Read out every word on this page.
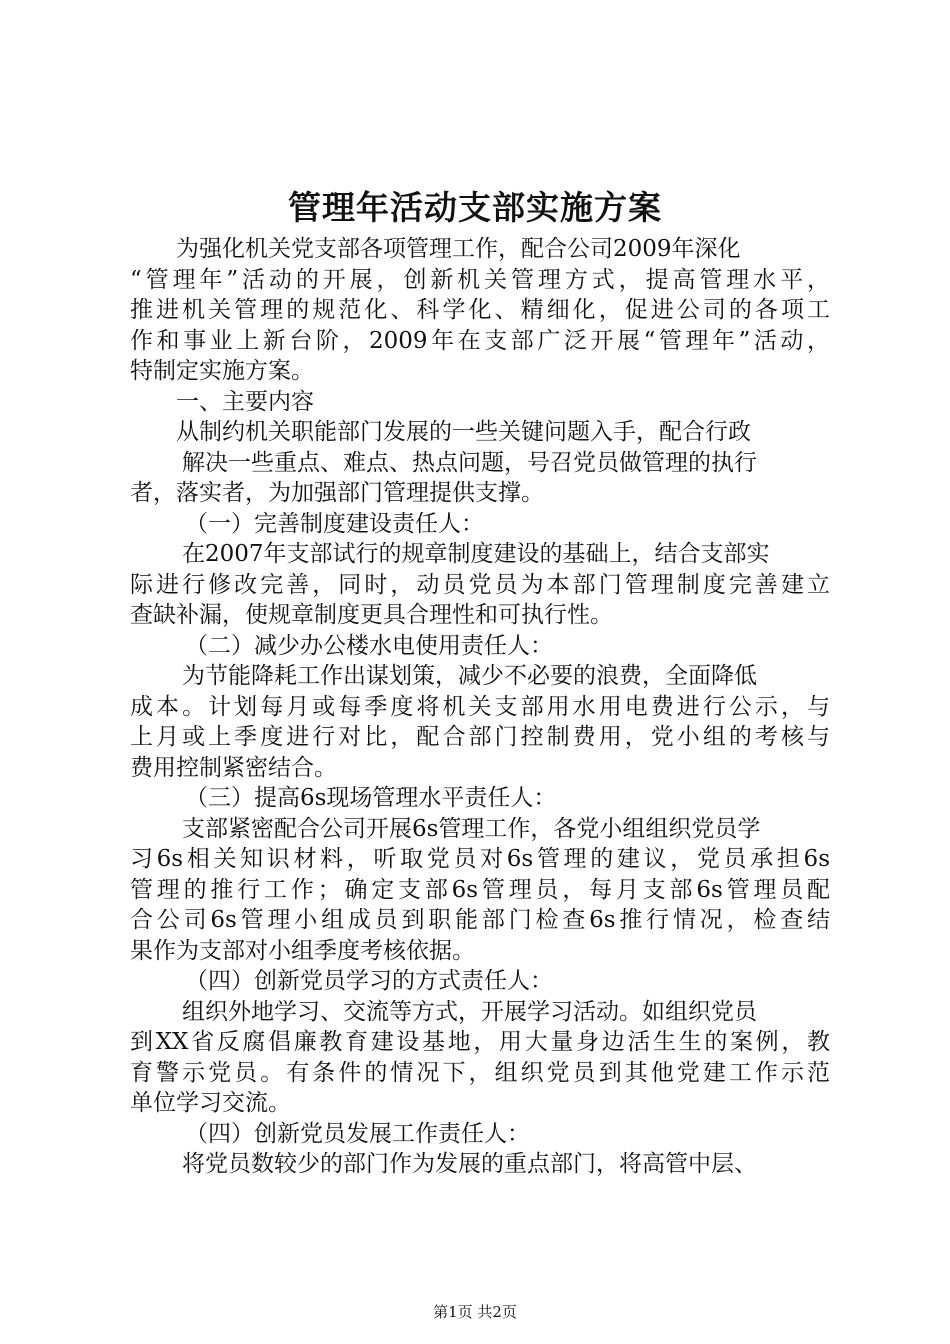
管理年活动支部实施方案
为强化机关党支部各项管理工作，配合公司2009年深化
“管理年”活动的开展，创新机关管理方式，提高管理水平，
推进机关管理的规范化、科学化、精细化，促进公司的各项工
作和事业上新台阶，2009年在支部广泛开展“管理年”活动，
特制定实施方案。
一、主要内容
从制约机关职能部门发展的一些关键问题入手，配合行政
解决一些重点、难点、热点问题，号召党员做管理的执行
者，落实者，为加强部门管理提供支撑。
（一）完善制度建设责任人：
在2007年支部试行的规章制度建设的基础上，结合支部实
际进行修改完善，同时，动员党员为本部门管理制度完善建立
查缺补漏，使规章制度更具合理性和可执行性。
（二）减少办公楼水电使用责任人：
为节能降耗工作出谋划策，减少不必要的浪费，全面降低
成本。计划每月或每季度将机关支部用水用电费进行公示，与
上月或上季度进行对比，配合部门控制费用，党小组的考核与
费用控制紧密结合。
（三）提高6s现场管理水平责任人：
支部紧密配合公司开展6s管理工作，各党小组组织党员学
习6s相关知识材料，听取党员对6s管理的建议，党员承担6s
管理的推行工作；确定支部6s管理员，每月支部6s管理员配
合公司6s管理小组成员到职能部门检查6s推行情况，检查结
果作为支部对小组季度考核依据。
（四）创新党员学习的方式责任人：
组织外地学习、交流等方式，开展学习活动。如组织党员
到XX省反腐倡廉教育建设基地，用大量身边活生生的案例，教
育警示党员。有条件的情况下，组织党员到其他党建工作示范
单位学习交流。
（四）创新党员发展工作责任人：
将党员数较少的部门作为发展的重点部门，将高管中层、
第1页 共2页
